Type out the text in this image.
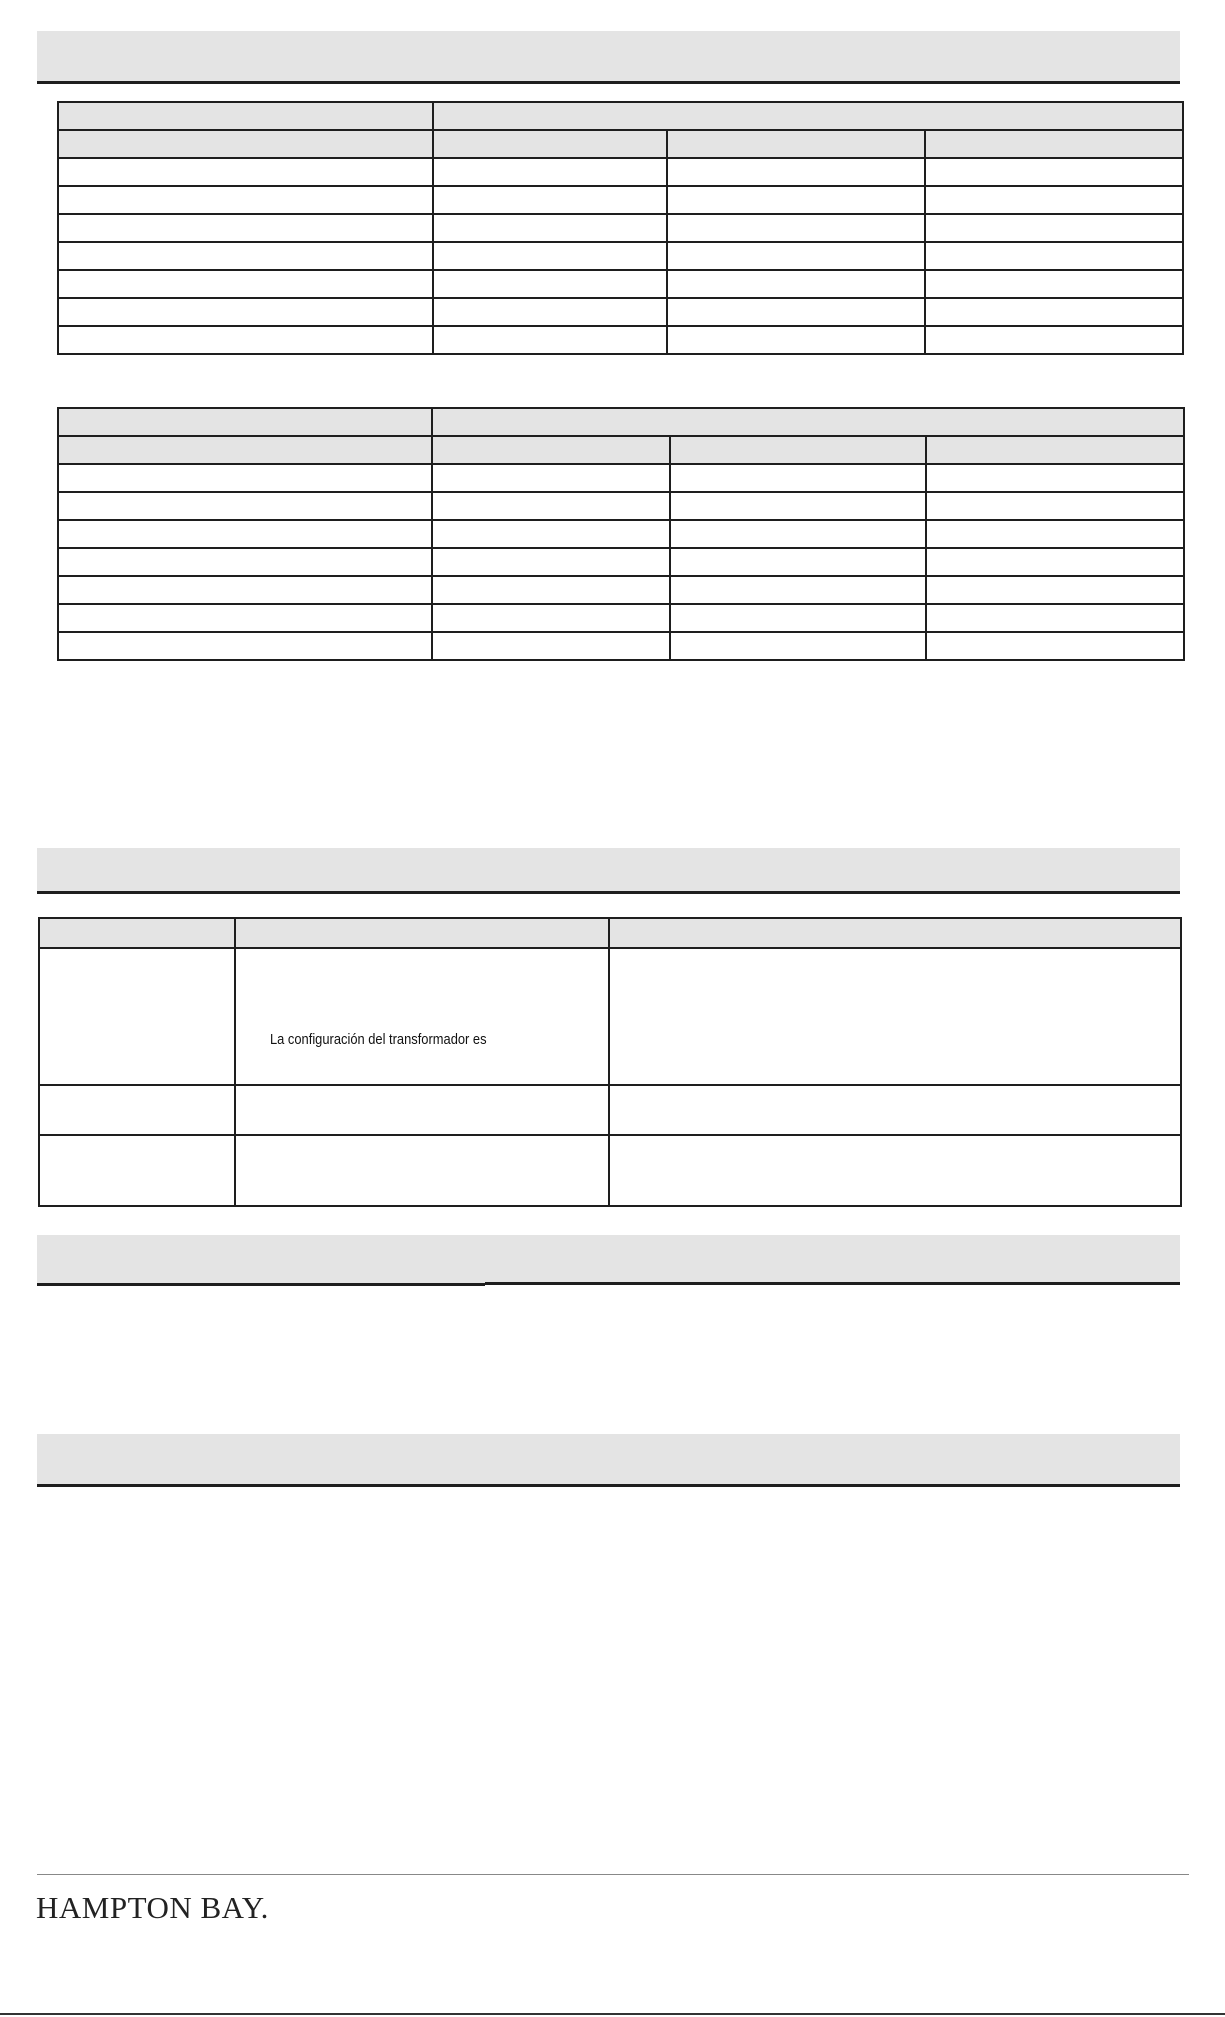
	La configuración del transformador es	

HAMPTON BAY.
